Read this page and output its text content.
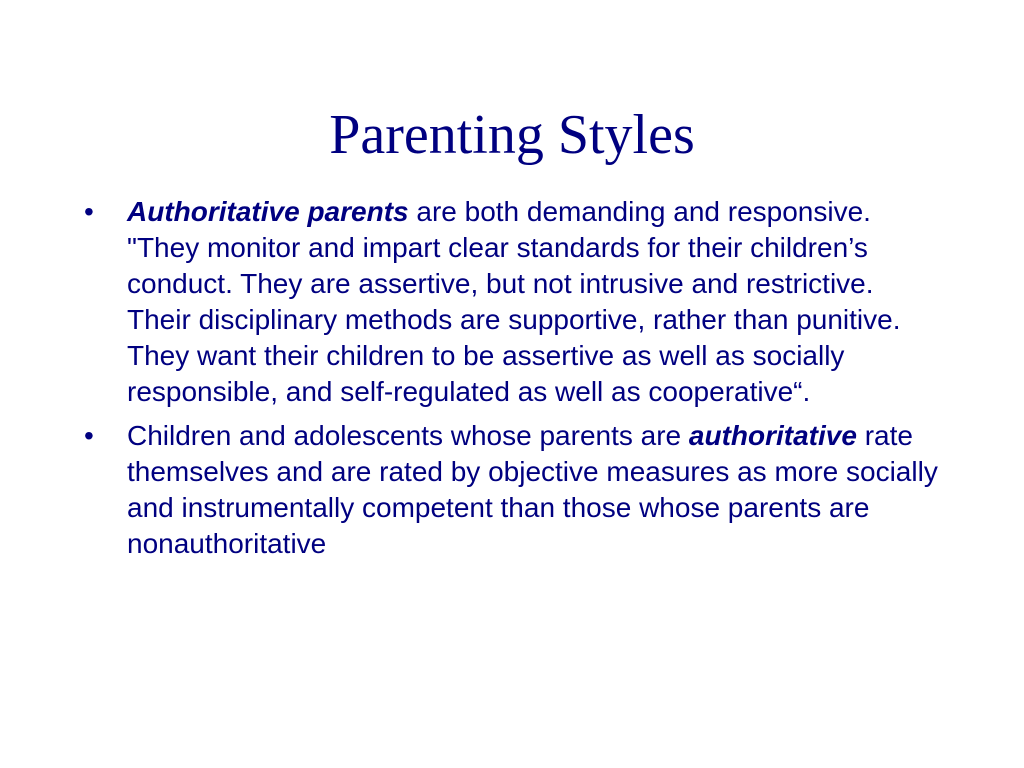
Parenting Styles
• Authoritative parents are both demanding and responsive. "They monitor and impart clear standards for their children’s conduct. They are assertive, but not intrusive and restrictive. Their disciplinary methods are supportive, rather than punitive. They want their children to be assertive as well as socially responsible, and self-regulated as well as cooperative“.
• Children and adolescents whose parents are authoritative rate themselves and are rated by objective measures as more socially and instrumentally competent than those whose parents are nonauthoritative
